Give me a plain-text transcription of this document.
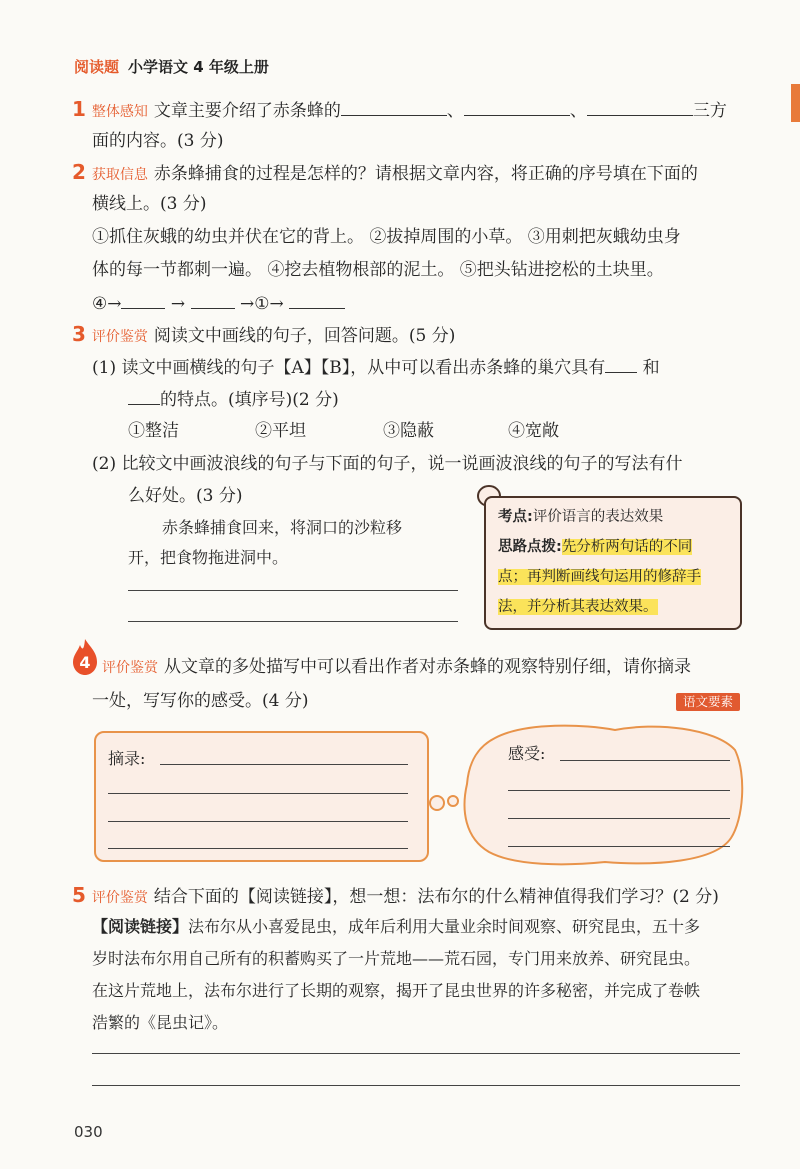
阅读题 小学语文 4 年级上册
1 整体感知 文章主要介绍了赤条蜂的	、	、	三方
面的内容。(3 分)
2 获取信息 赤条蜂捕食的过程是怎样的？请根据文章内容，将正确的序号填在下面的
横线上。(3 分)
①抓住灰蛾的幼虫并伏在它的背上。 ②拔掉周围的小草。 ③用刺把灰蛾幼虫身
体的每一节都刺一遍。 ④挖去植物根部的泥土。 ⑤把头钻进挖松的土块里。
④→	→	→①→
3 评价鉴赏 阅读文中画线的句子，回答问题。(5 分)
(1) 读文中画横线的句子【A】【B】，从中可以看出赤条蜂的巢穴具有 和
的特点。(填序号)(2 分)
①整洁	②平坦	③隐蔽	④宽敞
(2) 比较文中画波浪线的句子与下面的句子，说一说画波浪线的句子的写法有什
么好处。(3 分)
赤条蜂捕食回来，将洞口的沙粒移
开，把食物拖进洞中。
考点:评价语言的表达效果
思路点拨:先分析两句话的不同
点；再判断画线句运用的修辞手
法，并分析其表达效果。
4 评价鉴赏 从文章的多处描写中可以看出作者对赤条蜂的观察特别仔细，请你摘录
一处，写写你的感受。(4 分)	语文要素
摘录:	感受:
5 评价鉴赏 结合下面的【阅读链接】，想一想：法布尔的什么精神值得我们学习？(2 分)
【阅读链接】法布尔从小喜爱昆虫，成年后利用大量业余时间观察、研究昆虫，五十多
岁时法布尔用自己所有的积蓄购买了一片荒地——荒石园，专门用来放养、研究昆虫。
在这片荒地上，法布尔进行了长期的观察，揭开了昆虫世界的许多秘密，并完成了卷帙
浩繁的《昆虫记》。
030
